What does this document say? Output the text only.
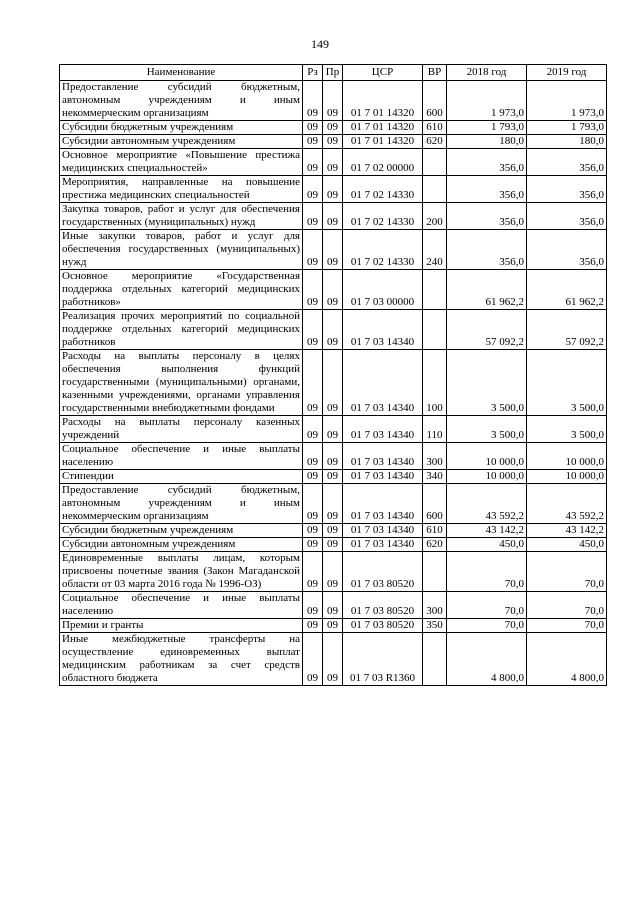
149
Наименование	Рз	Пр	ЦСР	ВР	2018 год	2019 год
Предоставление субсидий бюджетным, автономным учреждениям и иным некоммерческим организациям	09	09	01 7 01 14320	600	1 973,0	1 973,0
Субсидии бюджетным учреждениям	09	09	01 7 01 14320	610	1 793,0	1 793,0
Субсидии автономным учреждениям	09	09	01 7 01 14320	620	180,0	180,0
Основное мероприятие «Повышение престижа медицинских специальностей»	09	09	01 7 02 00000		356,0	356,0
Мероприятия, направленные на повышение престижа медицинских специальностей	09	09	01 7 02 14330		356,0	356,0
Закупка товаров, работ и услуг для обеспечения государственных (муниципальных) нужд	09	09	01 7 02 14330	200	356,0	356,0
Иные закупки товаров, работ и услуг для обеспечения государственных (муниципальных) нужд	09	09	01 7 02 14330	240	356,0	356,0
Основное мероприятие «Государственная поддержка отдельных категорий медицинских работников»	09	09	01 7 03 00000		61 962,2	61 962,2
Реализация прочих мероприятий по социальной поддержке отдельных категорий медицинских работников	09	09	01 7 03 14340		57 092,2	57 092,2
Расходы на выплаты персоналу в целях обеспечения выполнения функций государственными (муниципальными) органами, казенными учреждениями, органами управления государственными внебюджетными фондами	09	09	01 7 03 14340	100	3 500,0	3 500,0
Расходы на выплаты персоналу казенных учреждений	09	09	01 7 03 14340	110	3 500,0	3 500,0
Социальное обеспечение и иные выплаты населению	09	09	01 7 03 14340	300	10 000,0	10 000,0
Стипендии	09	09	01 7 03 14340	340	10 000,0	10 000,0
Предоставление субсидий бюджетным, автономным учреждениям и иным некоммерческим организациям	09	09	01 7 03 14340	600	43 592,2	43 592,2
Субсидии бюджетным учреждениям	09	09	01 7 03 14340	610	43 142,2	43 142,2
Субсидии автономным учреждениям	09	09	01 7 03 14340	620	450,0	450,0
Единовременные выплаты лицам, которым присвоены почетные звания (Закон Магаданской области от 03 марта 2016 года № 1996-ОЗ)	09	09	01 7 03 80520		70,0	70,0
Социальное обеспечение и иные выплаты населению	09	09	01 7 03 80520	300	70,0	70,0
Премии и гранты	09	09	01 7 03 80520	350	70,0	70,0
Иные межбюджетные трансферты на осуществление единовременных выплат медицинским работникам за счет средств областного бюджета	09	09	01 7 03 R1360		4 800,0	4 800,0
